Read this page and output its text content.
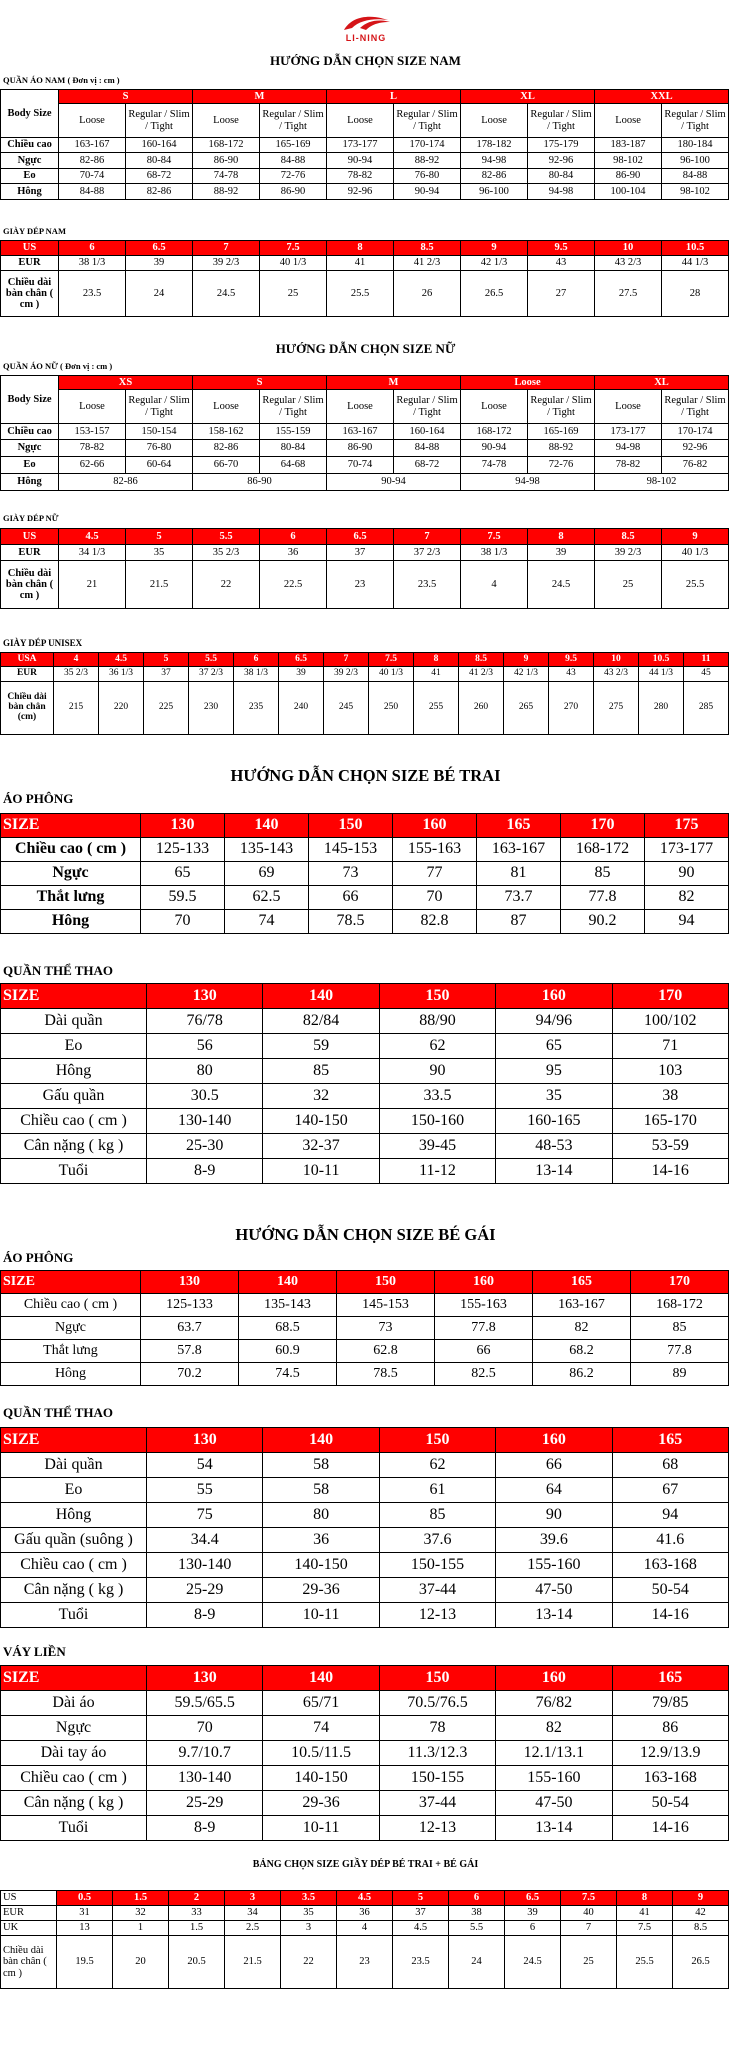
LI-NING
HƯỚNG DẪN CHỌN SIZE NAM
QUẦN ÁO NAM ( Đơn vị : cm )
Body Size	S		M		L		XL		XXL	
	Loose	Regular / Slim / Tight	Loose	Regular / Slim / Tight	Loose	Regular / Slim / Tight	Loose	Regular / Slim / Tight	Loose	Regular / Slim / Tight
Chiều cao	163-167	160-164	168-172	165-169	173-177	170-174	178-182	175-179	183-187	180-184
Ngực	82-86	80-84	86-90	84-88	90-94	88-92	94-98	92-96	98-102	96-100
Eo	70-74	68-72	74-78	72-76	78-82	76-80	82-86	80-84	86-90	84-88
Hông	84-88	82-86	88-92	86-90	92-96	90-94	96-100	94-98	100-104	98-102
GIÀY DÉP NAM
US	6	6.5	7	7.5	8	8.5	9	9.5	10	10.5
EUR	38 1/3	39	39 2/3	40 1/3	41	41 2/3	42 1/3	43	43 2/3	44 1/3
Chiều dài bàn chân ( cm )	23.5	24	24.5	25	25.5	26	26.5	27	27.5	28
HƯỚNG DẪN CHỌN SIZE NỮ
QUẦN ÁO NỮ ( Đơn vị : cm )
Body Size	XS		S		M		Loose		XL	
	Loose	Regular / Slim / Tight	Loose	Regular / Slim / Tight	Loose	Regular / Slim / Tight	Loose	Regular / Slim / Tight	Loose	Regular / Slim / Tight
Chiều cao	153-157	150-154	158-162	155-159	163-167	160-164	168-172	165-169	173-177	170-174
Ngực	78-82	76-80	82-86	80-84	86-90	84-88	90-94	88-92	94-98	92-96
Eo	62-66	60-64	66-70	64-68	70-74	68-72	74-78	72-76	78-82	76-82
Hông	82-86		86-90		90-94		94-98		98-102	
GIÀY DÉP NỮ
US	4.5	5	5.5	6	6.5	7	7.5	8	8.5	9
EUR	34 1/3	35	35 2/3	36	37	37 2/3	38 1/3	39	39 2/3	40 1/3
Chiều dài bàn chân ( cm )	21	21.5	22	22.5	23	23.5	4	24.5	25	25.5
GIÀY DÉP UNISEX
USA	4	4.5	5	5.5	6	6.5	7	7.5	8	8.5	9	9.5	10	10.5	11
EUR	35 2/3	36 1/3	37	37 2/3	38 1/3	39	39 2/3	40 1/3	41	41 2/3	42 1/3	43	43 2/3	44 1/3	45
Chiều dài bàn chân (cm)	215	220	225	230	235	240	245	250	255	260	265	270	275	280	285
HƯỚNG DẪN CHỌN SIZE BÉ TRAI
ÁO PHÔNG
SIZE	130	140	150	160	165	170	175
Chiều cao ( cm )	125-133	135-143	145-153	155-163	163-167	168-172	173-177
Ngực	65	69	73	77	81	85	90
Thắt lưng	59.5	62.5	66	70	73.7	77.8	82
Hông	70	74	78.5	82.8	87	90.2	94
QUẦN THỂ THAO
SIZE	130	140	150	160	170
Dài quần	76/78	82/84	88/90	94/96	100/102
Eo	56	59	62	65	71
Hông	80	85	90	95	103
Gấu quần	30.5	32	33.5	35	38
Chiều cao ( cm )	130-140	140-150	150-160	160-165	165-170
Cân nặng ( kg )	25-30	32-37	39-45	48-53	53-59
Tuổi	8-9	10-11	11-12	13-14	14-16
HƯỚNG DẪN CHỌN SIZE BÉ GÁI
ÁO PHÔNG
SIZE	130	140	150	160	165	170
Chiều cao ( cm )	125-133	135-143	145-153	155-163	163-167	168-172
Ngực	63.7	68.5	73	77.8	82	85
Thắt lưng	57.8	60.9	62.8	66	68.2	77.8
Hông	70.2	74.5	78.5	82.5	86.2	89
QUẦN THỂ THAO
SIZE	130	140	150	160	165
Dài quần	54	58	62	66	68
Eo	55	58	61	64	67
Hông	75	80	85	90	94
Gấu quần (suông )	34.4	36	37.6	39.6	41.6
Chiều cao ( cm )	130-140	140-150	150-155	155-160	163-168
Cân nặng ( kg )	25-29	29-36	37-44	47-50	50-54
Tuổi	8-9	10-11	12-13	13-14	14-16
VÁY LIỀN
SIZE	130	140	150	160	165
Dài áo	59.5/65.5	65/71	70.5/76.5	76/82	79/85
Ngực	70	74	78	82	86
Dài tay áo	9.7/10.7	10.5/11.5	11.3/12.3	12.1/13.1	12.9/13.9
Chiều cao ( cm )	130-140	140-150	150-155	155-160	163-168
Cân nặng ( kg )	25-29	29-36	37-44	47-50	50-54
Tuổi	8-9	10-11	12-13	13-14	14-16
BẢNG CHỌN SIZE GIẦY DÉP BÉ TRAI + BÉ GÁI
US	0.5	1.5	2	3	3.5	4.5	5	6	6.5	7.5	8	9
EUR	31	32	33	34	35	36	37	38	39	40	41	42
UK	13	1	1.5	2.5	3	4	4.5	5.5	6	7	7.5	8.5
Chiều dài bàn chân ( cm )	19.5	20	20.5	21.5	22	23	23.5	24	24.5	25	25.5	26.5
